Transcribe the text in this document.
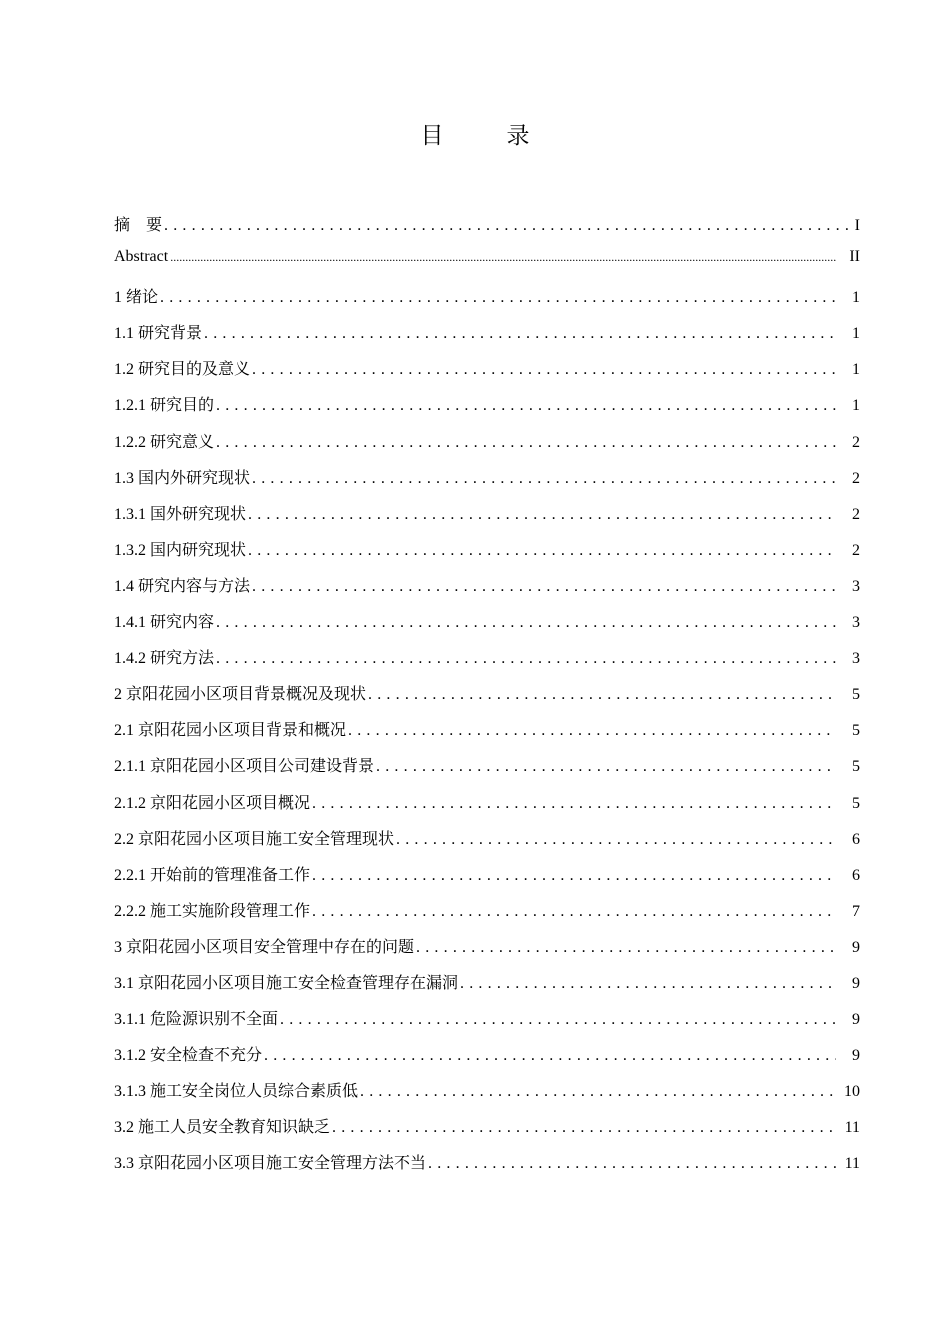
目　录
摘　要 . . .	I
Abstract .....	II
1 绪论 . . .	1
1.1 研究背景 . . .	1
1.2 研究目的及意义 . . .	1
1.2.1 研究目的 . . .	1
1.2.2 研究意义 . . .	2
1.3 国内外研究现状 . . .	2
1.3.1 国外研究现状 . . .	2
1.3.2 国内研究现状 . . .	2
1.4 研究内容与方法 . . .	3
1.4.1 研究内容 . . .	3
1.4.2 研究方法 . . .	3
2 京阳花园小区项目背景概况及现状 . . .	5
2.1 京阳花园小区项目背景和概况 . . .	5
2.1.1 京阳花园小区项目公司建设背景 . . .	5
2.1.2 京阳花园小区项目概况 . . .	5
2.2 京阳花园小区项目施工安全管理现状 . . .	6
2.2.1 开始前的管理准备工作 . . .	6
2.2.2 施工实施阶段管理工作 . . .	7
3 京阳花园小区项目安全管理中存在的问题 . . .	9
3.1 京阳花园小区项目施工安全检查管理存在漏洞 . . .	9
3.1.1 危险源识别不全面 . . .	9
3.1.2 安全检查不充分 . . .	9
3.1.3 施工安全岗位人员综合素质低 . . .	10
3.2 施工人员安全教育知识缺乏 . . .	11
3.3 京阳花园小区项目施工安全管理方法不当 . . .	11
